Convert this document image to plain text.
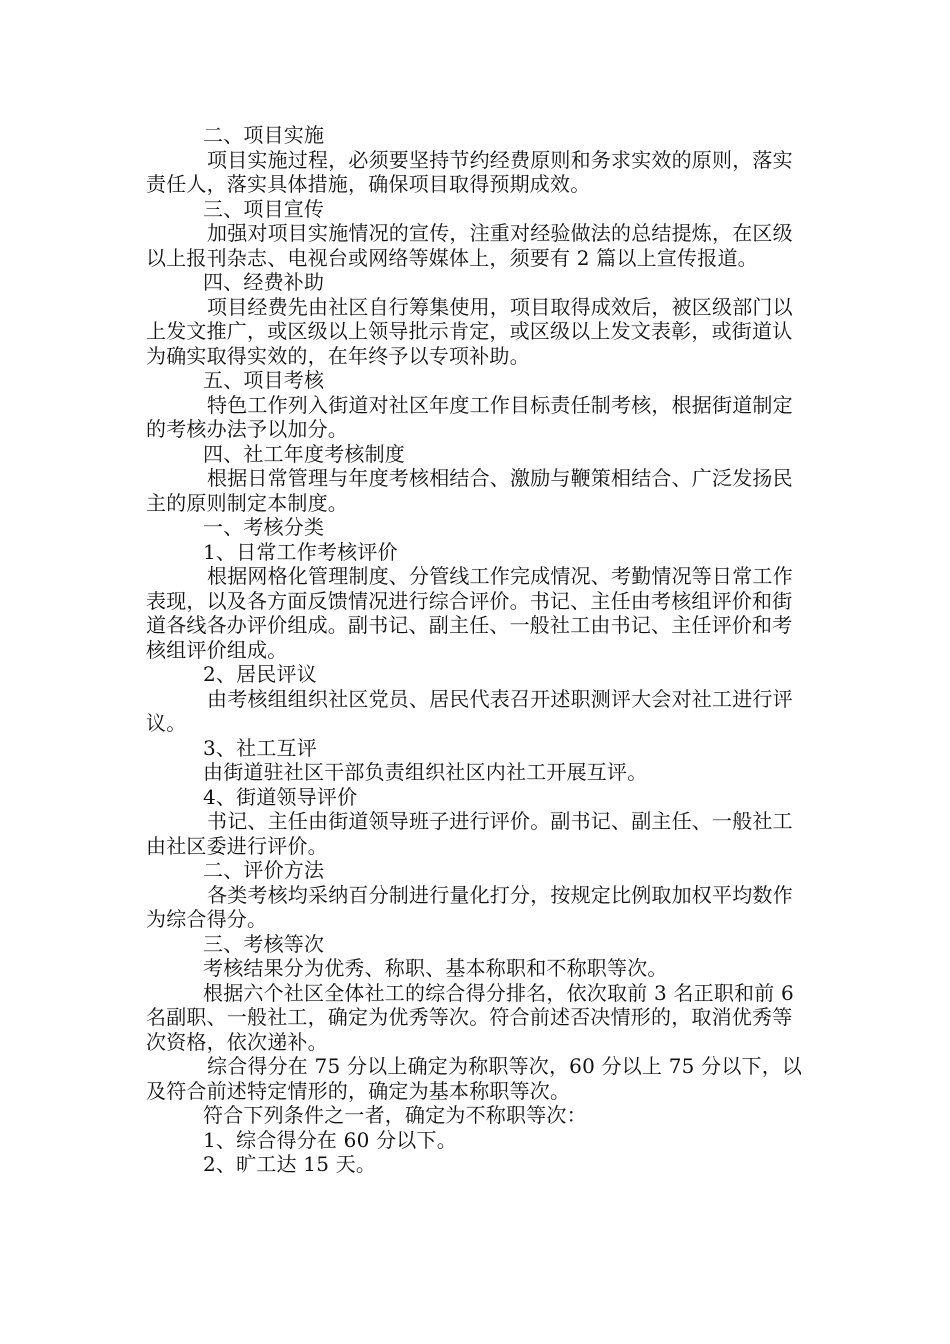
二、项目实施

项目实施过程，必须要坚持节约经费原则和务求实效的原则，落实责任人，落实具体措施，确保项目取得预期成效。

三、项目宣传

加强对项目实施情况的宣传，注重对经验做法的总结提炼，在区级以上报刊杂志、电视台或网络等媒体上，须要有 2 篇以上宣传报道。

四、经费补助

项目经费先由社区自行筹集使用，项目取得成效后，被区级部门以上发文推广，或区级以上领导批示肯定，或区级以上发文表彰，或街道认为确实取得实效的，在年终予以专项补助。

五、项目考核

特色工作列入街道对社区年度工作目标责任制考核，根据街道制定的考核办法予以加分。

四、社工年度考核制度

根据日常管理与年度考核相结合、激励与鞭策相结合、广泛发扬民主的原则制定本制度。

一、考核分类

1、日常工作考核评价

根据网格化管理制度、分管线工作完成情况、考勤情况等日常工作表现，以及各方面反馈情况进行综合评价。书记、主任由考核组评价和街道各线各办评价组成。副书记、副主任、一般社工由书记、主任评价和考核组评价组成。

2、居民评议

由考核组组织社区党员、居民代表召开述职测评大会对社工进行评议。

3、社工互评

由街道驻社区干部负责组织社区内社工开展互评。

4、街道领导评价

书记、主任由街道领导班子进行评价。副书记、副主任、一般社工由社区委进行评价。

二、评价方法

各类考核均采纳百分制进行量化打分，按规定比例取加权平均数作为综合得分。

三、考核等次

考核结果分为优秀、称职、基本称职和不称职等次。

根据六个社区全体社工的综合得分排名，依次取前 3 名正职和前 6 名副职、一般社工，确定为优秀等次。符合前述否决情形的，取消优秀等次资格，依次递补。

综合得分在 75 分以上确定为称职等次，60 分以上 75 分以下，以及符合前述特定情形的，确定为基本称职等次。

符合下列条件之一者，确定为不称职等次：

1、综合得分在 60 分以下。

2、旷工达 15 天。
